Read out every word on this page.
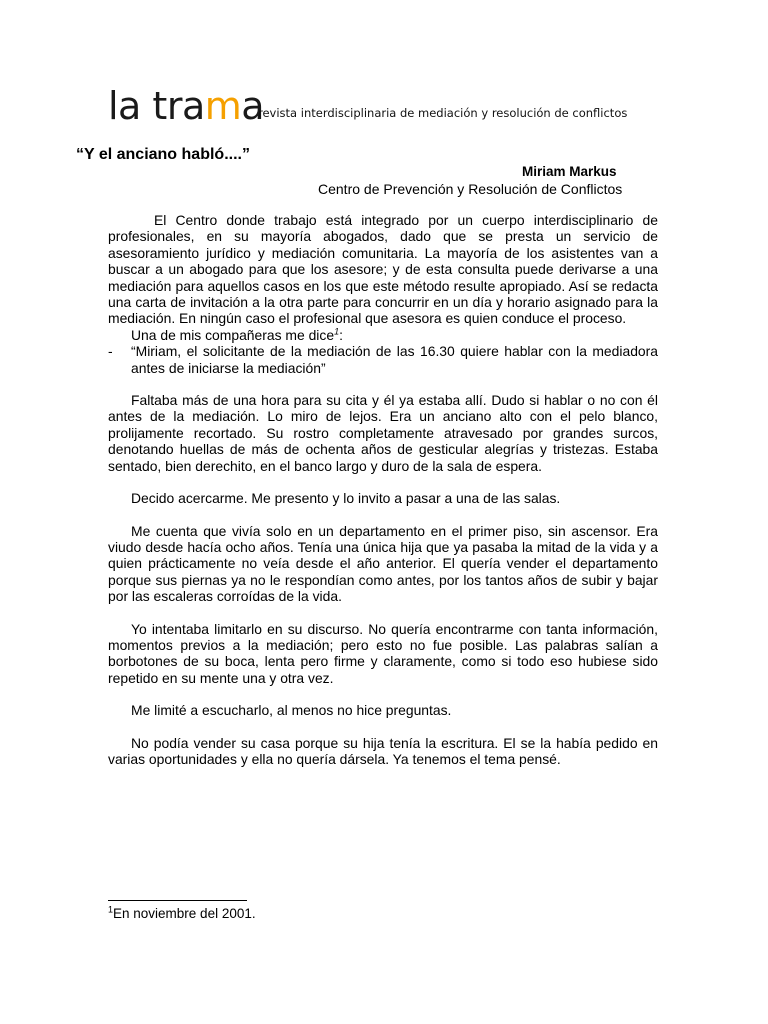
la trama
revista interdisciplinaria de mediación y resolución de conflictos
“Y el anciano habló....”
Miriam Markus
Centro de Prevención y Resolución de Conflictos

El Centro donde trabajo está integrado por un cuerpo interdisciplinario de profesionales, en su mayoría abogados, dado que se presta un servicio de asesoramiento jurídico y mediación comunitaria. La mayoría de los asistentes van a buscar a un abogado para que los asesore; y de esta consulta puede derivarse a una mediación para aquellos casos en los que este método resulte apropiado. Así se redacta una carta de invitación a la otra parte para concurrir en un día y horario asignado para la mediación. En ningún caso el profesional que asesora es quien conduce el proceso.

Una de mis compañeras me dice$^1$:

-	“Miriam, el solicitante de la mediación de las 16.30 quiere hablar con la mediadora antes de iniciarse la mediación”

Faltaba más de una hora para su cita y él ya estaba allí. Dudo si hablar o no con él antes de la mediación. Lo miro de lejos. Era un anciano alto con el pelo blanco, prolijamente recortado. Su rostro completamente atravesado por grandes surcos, denotando huellas de más de ochenta años de gesticular alegrías y tristezas. Estaba sentado, bien derechito, en el banco largo y duro de la sala de espera.

Decido acercarme. Me presento y lo invito a pasar a una de las salas.

Me cuenta que vivía solo en un departamento en el primer piso, sin ascensor. Era viudo desde hacía ocho años. Tenía una única hija que ya pasaba la mitad de la vida y a quien prácticamente no veía desde el año anterior. El quería vender el departamento porque sus piernas ya no le respondían como antes, por los tantos años de subir y bajar por las escaleras corroídas de la vida.

Yo intentaba limitarlo en su discurso. No quería encontrarme con tanta información, momentos previos a la mediación; pero esto no fue posible. Las palabras salían a borbotones de su boca, lenta pero firme y claramente, como si todo eso hubiese sido repetido en su mente una y otra vez.

Me limité a escucharlo, al menos no hice preguntas.

No podía vender su casa porque su hija tenía la escritura. El se la había pedido en varias oportunidades y ella no quería dársela. Ya tenemos el tema pensé.

$^1$En noviembre del 2001.
